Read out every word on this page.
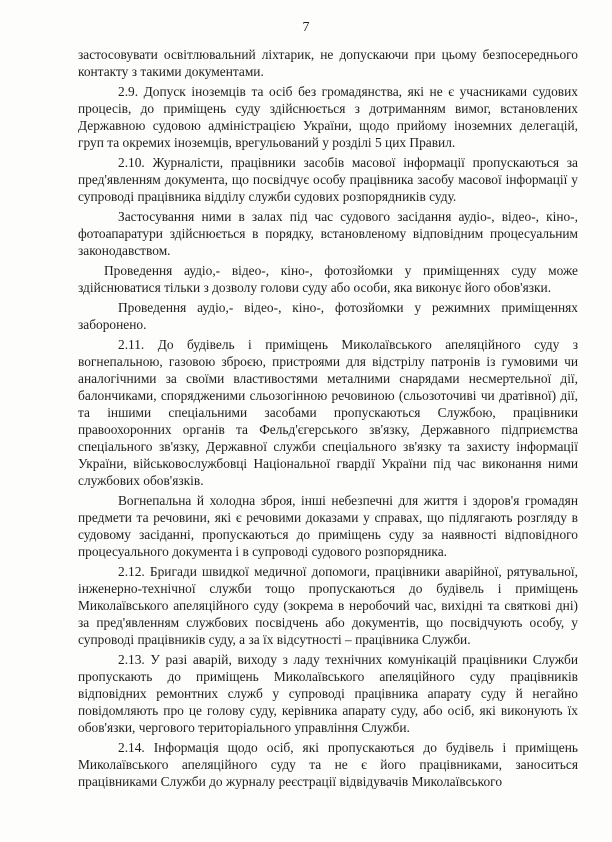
7

застосовувати освітлювальний ліхтарик, не допускаючи при цьому безпосереднього контакту з такими документами.

2.9. Допуск іноземців та осіб без громадянства, які не є учасниками судових процесів, до приміщень суду здійснюється з дотриманням вимог, встановлених Державною судовою адміністрацією України, щодо прийому іноземних делегацій, груп та окремих іноземців, врегульований у розділі 5 цих Правил.

2.10. Журналісти, працівники засобів масової інформації пропускаються за пред'явленням документа, що посвідчує особу працівника засобу масової інформації у супроводі працівника відділу служби судових розпорядників суду.

Застосування ними в залах під час судового засідання аудіо-, відео-, кіно-, фотоапаратури здійснюється в порядку, встановленому відповідним процесуальним законодавством.

Проведення аудіо,- відео-, кіно-, фотозйомки у приміщеннях суду може здійснюватися тільки з дозволу голови суду або особи, яка виконує його обов'язки.

Проведення аудіо,- відео-, кіно-, фотозйомки у режимних приміщеннях заборонено.

2.11. До будівель і приміщень Миколаївського апеляційного суду з вогнепальною, газовою зброєю, пристроями для відстрілу патронів із гумовими чи аналогічними за своїми властивостями металними снарядами несмертельної дії, балончиками, спорядженими сльозогінною речовиною (сльозоточиві чи дратівної) дії, та іншими спеціальними засобами пропускаються Службою, працівники правоохоронних органів та Фельд'єгерського зв'язку, Державного підприємства спеціального зв'язку, Державної служби спеціального зв'язку та захисту інформації України, військовослужбовці Національної гвардії України під час виконання ними службових обов'язків.

Вогнепальна й холодна зброя, інші небезпечні для життя і здоров'я громадян предмети та речовини, які є речовими доказами у справах, що підлягають розгляду в судовому засіданні, пропускаються до приміщень суду за наявності відповідного процесуального документа і в супроводі судового розпорядника.

2.12. Бригади швидкої медичної допомоги, працівники аварійної, рятувальної, інженерно-технічної служби тощо пропускаються до будівель і приміщень Миколаївського апеляційного суду (зокрема в неробочий час, вихідні та святкові дні) за пред'явленням службових посвідчень або документів, що посвідчують особу, у супроводі працівників суду, а за їх відсутності – працівника Служби.

2.13. У разі аварій, виходу з ладу технічних комунікацій працівники Служби пропускають до приміщень Миколаївського апеляційного суду працівників відповідних ремонтних служб у супроводі працівника апарату суду й негайно повідомляють про це голову суду, керівника апарату суду, або осіб, які виконують їх обов'язки, чергового територіального управління Служби.

2.14. Інформація щодо осіб, які пропускаються до будівель і приміщень Миколаївського апеляційного суду та не є його працівниками, заноситься працівниками Служби до журналу реєстрації відвідувачів Миколаївського
